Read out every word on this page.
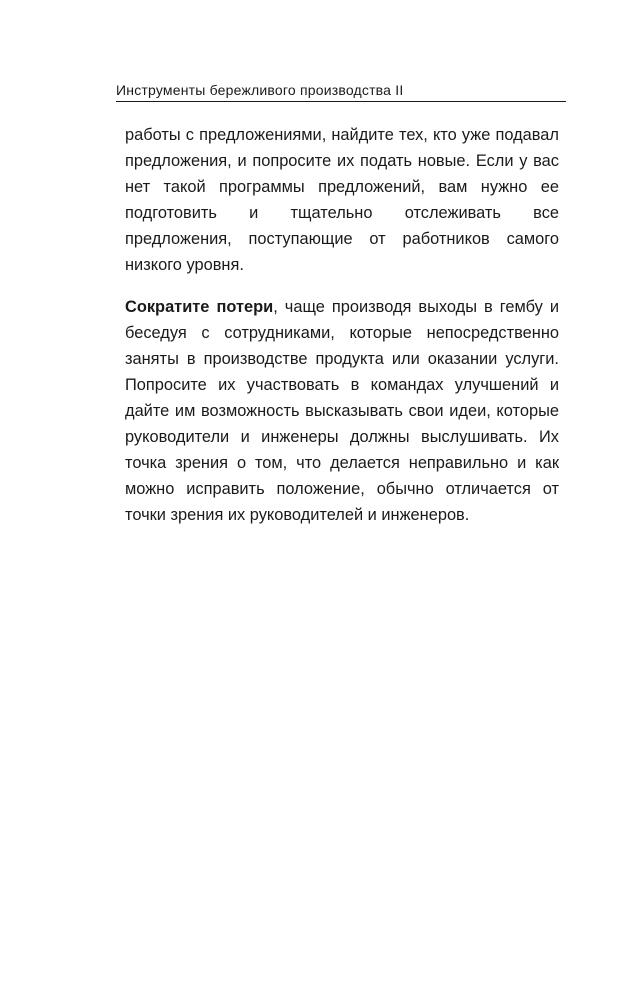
Инструменты бережливого производства II

работы с предложениями, найдите тех, кто уже подавал предложения, и попросите их подать новые. Если у вас нет такой программы предложений, вам нужно ее подготовить и тщательно отслеживать все предложения, поступающие от работников самого низкого уровня.

Сократите потери, чаще производя выходы в гембу и беседуя с сотрудниками, которые непосредственно заняты в производстве продукта или оказании услуги. Попросите их участвовать в командах улучшений и дайте им возможность высказывать свои идеи, которые руководители и инженеры должны выслушивать. Их точка зрения о том, что делается неправильно и как можно исправить положение, обычно отличается от точки зрения их руководителей и инженеров.
